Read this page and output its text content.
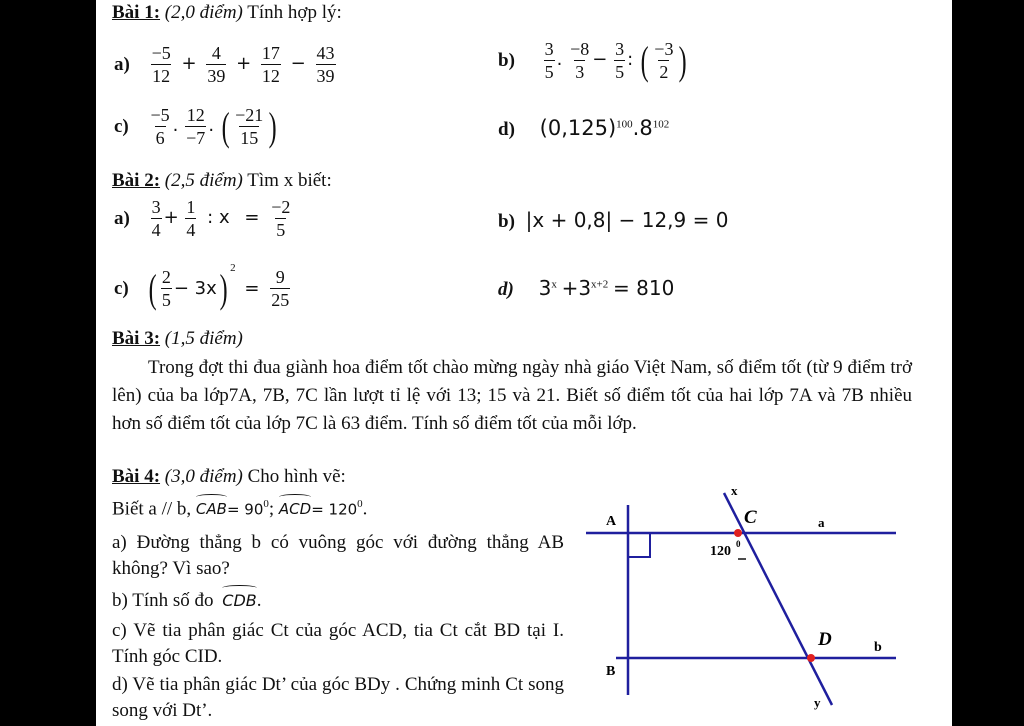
Bài 1: (2,0 điểm) Tính hợp lý:
$a) \frac{-5}{12} + \frac{4}{39} + \frac{17}{12} - \frac{43}{39}$	$b) \frac{3}{5}$ . $\frac{-8}{3} - \frac{3}{5}$ : ( $\frac{-3}{2}$ )
$c) \frac{-5}{6}$ . $\frac{12}{-7}$ . ( $\frac{-21}{15}$ )	d) $(0,125)^{100}.8^{102}$
Bài 2: (2,5 điểm) Tìm x biết:
$a) \frac{3}{4} + \frac{1}{4}$ : $x = \frac{-2}{5}$	b) |x + 0,8| − 12,9 = 0
c) ( $\frac{2}{5} - 3x$) $^2 = \frac{9}{25}$	d) $3^x +3^{x+2} = 810$
Bài 3: (1,5 điểm)
Trong đợt thi đua giành hoa điểm tốt chào mừng ngày nhà giáo Việt Nam, số điểm tốt (từ 9 điểm trở lên) của ba lớp7A, 7B, 7C lần lượt tỉ lệ với 13; 15 và 21. Biết số điểm tốt của hai lớp 7A và 7B nhiều hơn số điểm tốt của lớp 7C là 63 điểm. Tính số điểm tốt của mỗi lớp.
Bài 4: (3,0 điểm) Cho hình vẽ:
Biết a // b, $CAB= 90^0$;
$ACD= 120^0$.
a) Đường thẳng b có vuông góc với đường thẳng AB không? Vì sao?
b) Tính số đo CDB.
c) Vẽ tia phân giác Ct của góc ACD, tia Ct cắt BD tại I. Tính góc CID.
d) Vẽ tia phân giác Dt’ của góc BDy . Chứng minh Ct song song với Dt’.
A
B
C
D
x
y
a
b
120 0
